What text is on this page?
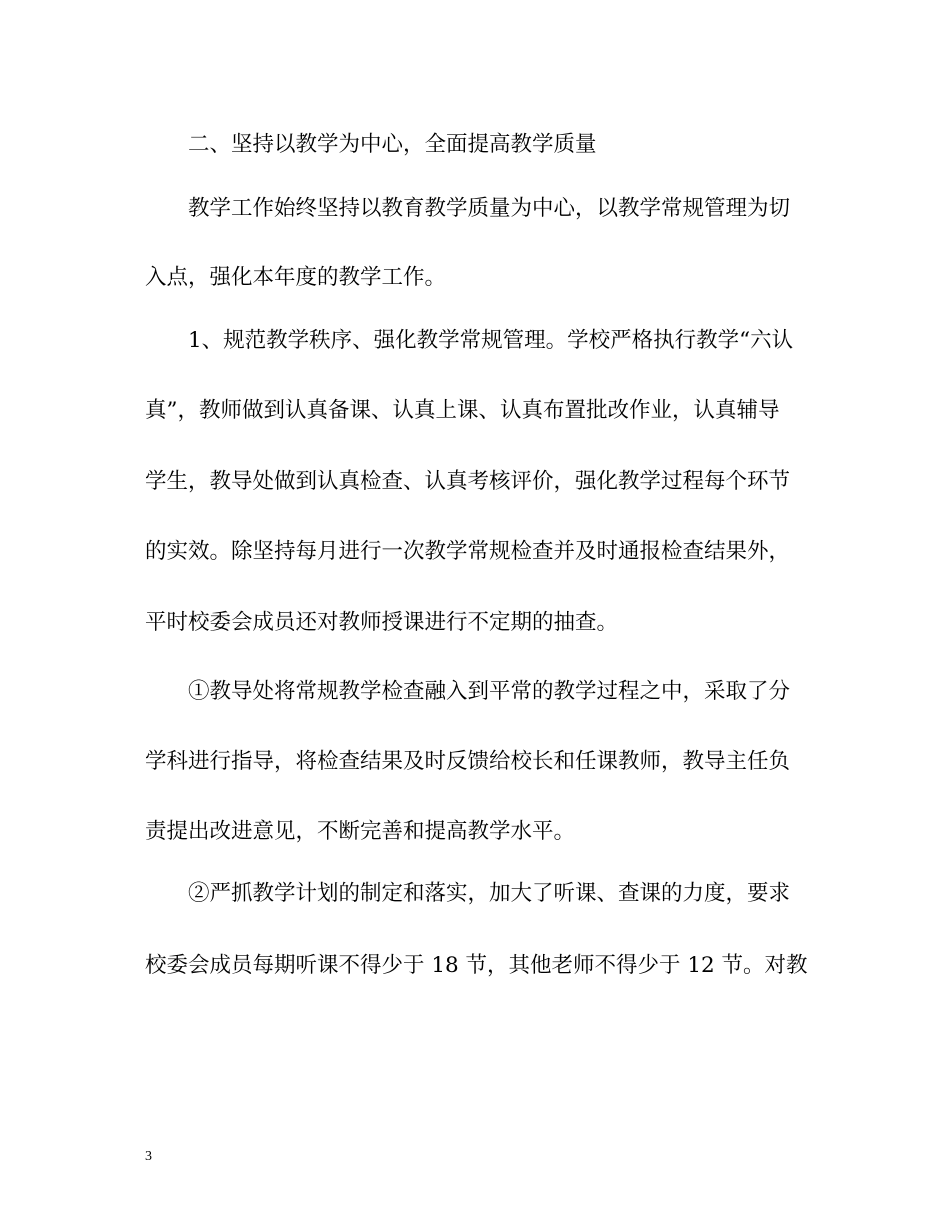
二、坚持以教学为中心，全面提高教学质量
教学工作始终坚持以教育教学质量为中心，以教学常规管理为切
入点，强化本年度的教学工作。
1、规范教学秩序、强化教学常规管理。学校严格执行教学“六认
真”，教师做到认真备课、认真上课、认真布置批改作业，认真辅导
学生，教导处做到认真检查、认真考核评价，强化教学过程每个环节
的实效。除坚持每月进行一次教学常规检查并及时通报检查结果外，
平时校委会成员还对教师授课进行不定期的抽查。
①教导处将常规教学检查融入到平常的教学过程之中，采取了分
学科进行指导，将检查结果及时反馈给校长和任课教师，教导主任负
责提出改进意见，不断完善和提高教学水平。
②严抓教学计划的制定和落实，加大了听课、查课的力度，要求
校委会成员每期听课不得少于 18 节，其他老师不得少于 12 节。对教
3
